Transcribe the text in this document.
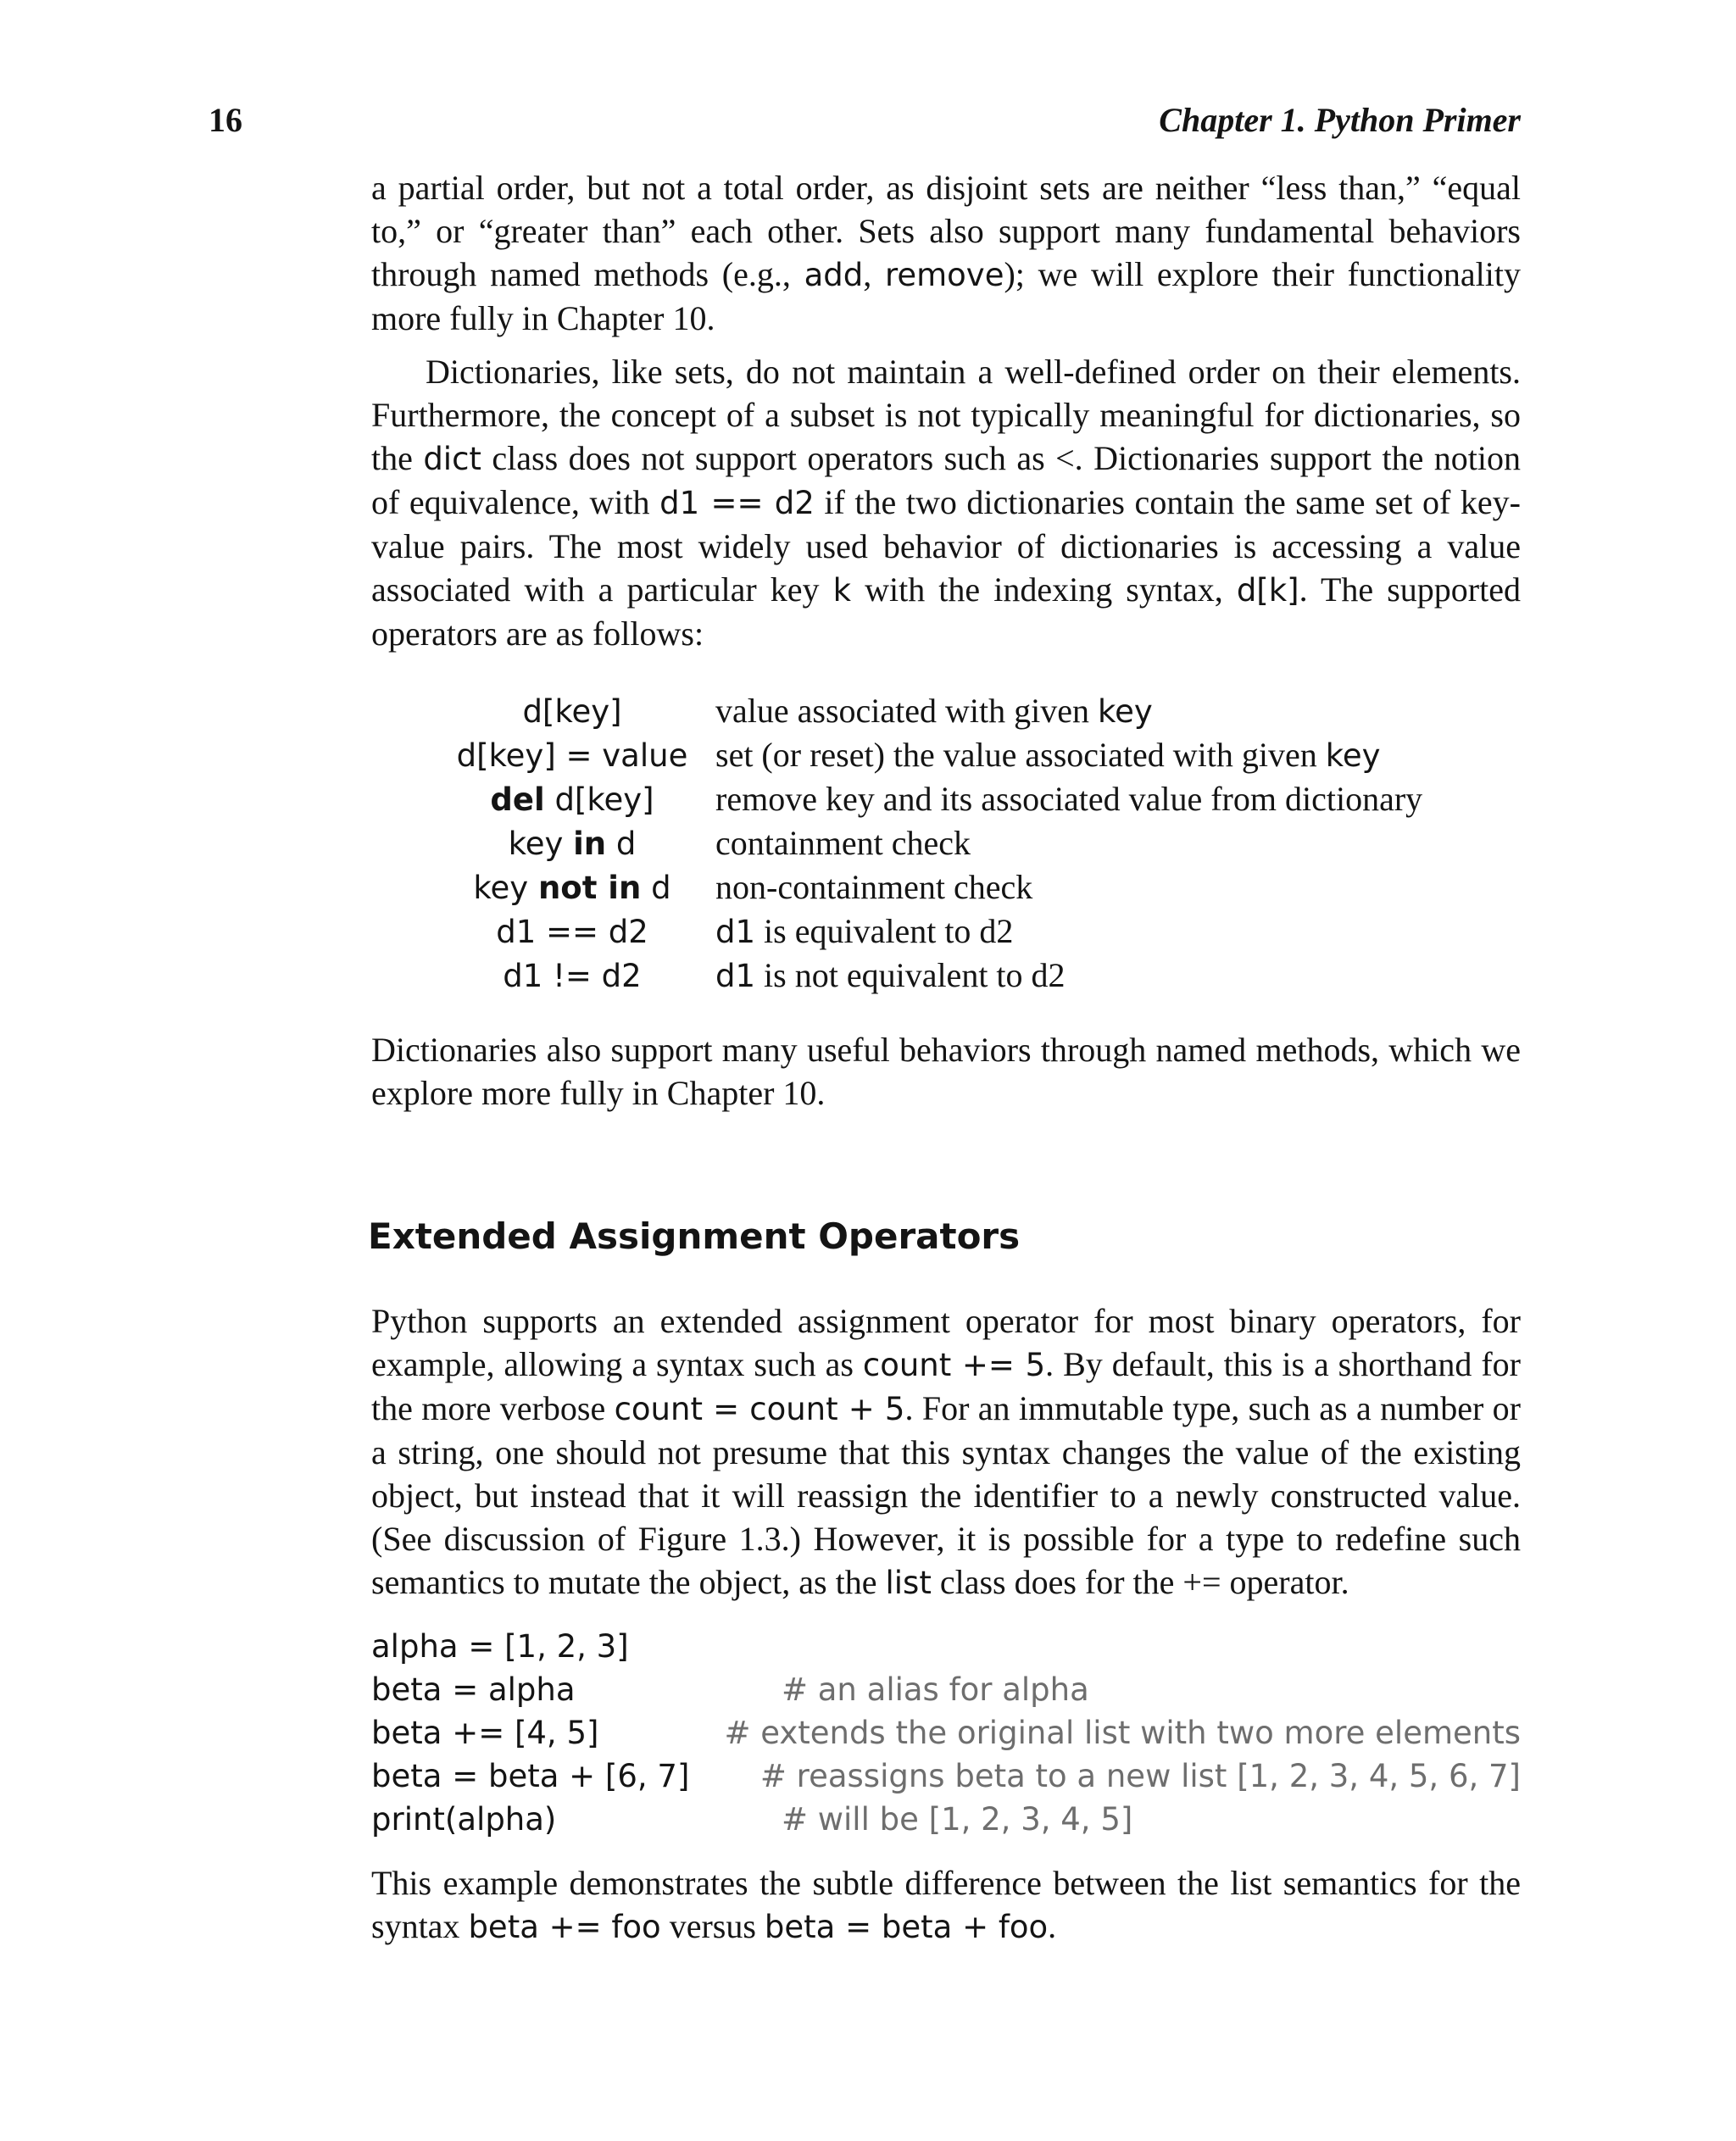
16	Chapter 1. Python Primer

a partial order, but not a total order, as disjoint sets are neither “less than,” “equal to,” or “greater than” each other. Sets also support many fundamental behaviors through named methods (e.g., add, remove); we will explore their functionality more fully in Chapter 10.

Dictionaries, like sets, do not maintain a well-defined order on their elements. Furthermore, the concept of a subset is not typically meaningful for dictionaries, so the dict class does not support operators such as <. Dictionaries support the notion of equivalence, with d1 == d2 if the two dictionaries contain the same set of key-value pairs. The most widely used behavior of dictionaries is accessing a value associated with a particular key k with the indexing syntax, d[k]. The supported operators are as follows:

d[key]	value associated with given key
d[key] = value	set (or reset) the value associated with given key
del d[key]	remove key and its associated value from dictionary
key in d	containment check
key not in d	non-containment check
d1 == d2	d1 is equivalent to d2
d1 != d2	d1 is not equivalent to d2

Dictionaries also support many useful behaviors through named methods, which we explore more fully in Chapter 10.

Extended Assignment Operators

Python supports an extended assignment operator for most binary operators, for example, allowing a syntax such as count += 5. By default, this is a shorthand for the more verbose count = count + 5. For an immutable type, such as a number or a string, one should not presume that this syntax changes the value of the existing object, but instead that it will reassign the identifier to a newly constructed value. (See discussion of Figure 1.3.) However, it is possible for a type to redefine such semantics to mutate the object, as the list class does for the += operator.

alpha = [1, 2, 3]
beta = alpha	# an alias for alpha
beta += [4, 5]	# extends the original list with two more elements
beta = beta + [6, 7]	# reassigns beta to a new list [1, 2, 3, 4, 5, 6, 7]
print(alpha)	# will be [1, 2, 3, 4, 5]

This example demonstrates the subtle difference between the list semantics for the syntax beta += foo versus beta = beta + foo.
